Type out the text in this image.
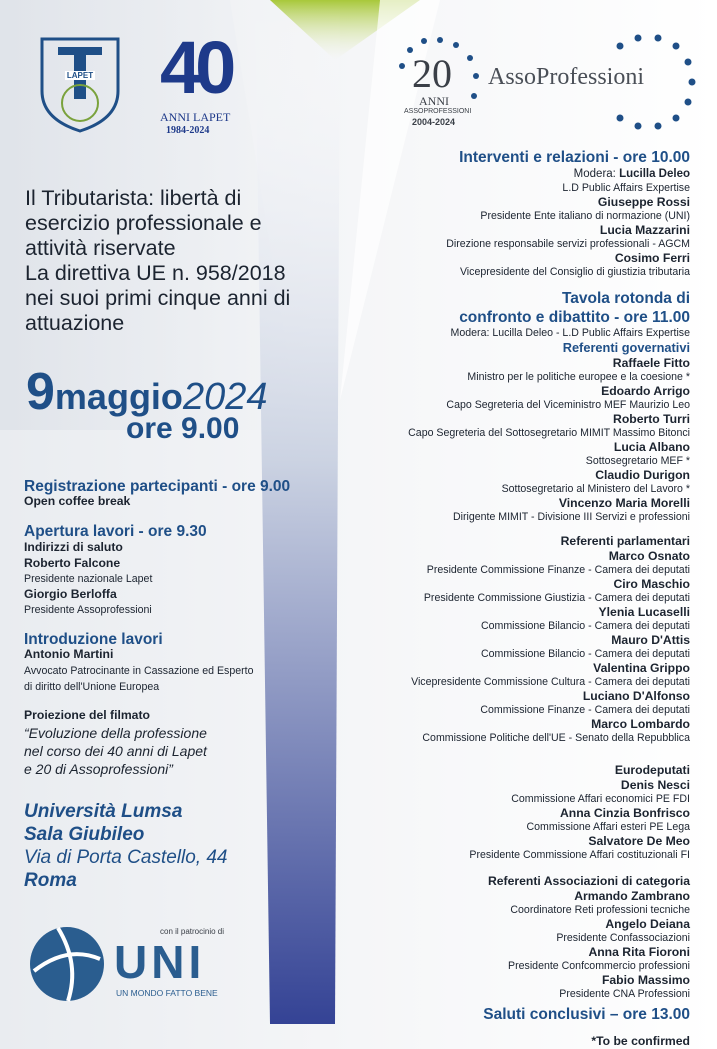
LAPET 40
ANNI LAPET
1984-2024
20
ANNI
ASSOPROFESSIONI
2004-2024
AssoProfessioni
Il Tributarista: libertà di
esercizio professionale e
attività riservate
La direttiva UE n. 958/2018
nei suoi primi cinque anni di
attuazione
9maggio2024
ore 9.00
Registrazione partecipanti - ore 9.00
Open coffee break
Apertura lavori - ore 9.30
Indirizzi di saluto
Roberto Falcone
Presidente nazionale Lapet
Giorgio Berloffa
Presidente Assoprofessioni
Introduzione lavori
Antonio Martini
Avvocato Patrocinante in Cassazione ed Esperto
di diritto dell'Unione Europea
Proiezione del filmato
“Evoluzione della professione
nel corso dei 40 anni di Lapet
e 20 di Assoprofessioni”
Università Lumsa
Sala Giubileo
Via di Porta Castello, 44
Roma
con il patrocinio di
UNI
UN MONDO FATTO BENE
Interventi e relazioni - ore 10.00
Modera: Lucilla Deleo
L.D Public Affairs Expertise
Giuseppe Rossi
Presidente Ente italiano di normazione (UNI)
Lucia Mazzarini
Direzione responsabile servizi professionali - AGCM
Cosimo Ferri
Vicepresidente del Consiglio di giustizia tributaria
Tavola rotonda di
confronto e dibattito - ore 11.00
Modera: Lucilla Deleo - L.D Public Affairs Expertise
Referenti governativi
Raffaele Fitto
Ministro per le politiche europee e la coesione *
Edoardo Arrigo
Capo Segreteria del Viceministro MEF Maurizio Leo
Roberto Turri
Capo Segreteria del Sottosegretario MIMIT Massimo Bitonci
Lucia Albano
Sottosegretario MEF *
Claudio Durigon
Sottosegretario al Ministero del Lavoro *
Vincenzo Maria Morelli
Dirigente MIMIT - Divisione III Servizi e professioni
Referenti parlamentari
Marco Osnato
Presidente Commissione Finanze - Camera dei deputati
Ciro Maschio
Presidente Commissione Giustizia - Camera dei deputati
Ylenia Lucaselli
Commissione Bilancio - Camera dei deputati
Mauro D'Attis
Commissione Bilancio - Camera dei deputati
Valentina Grippo
Vicepresidente Commissione Cultura - Camera dei deputati
Luciano D'Alfonso
Commissione Finanze - Camera dei deputati
Marco Lombardo
Commissione Politiche dell'UE - Senato della Repubblica
Eurodeputati
Denis Nesci
Commissione Affari economici PE FDI
Anna Cinzia Bonfrisco
Commissione Affari esteri PE Lega
Salvatore De Meo
Presidente Commissione Affari costituzionali FI
Referenti Associazioni di categoria
Armando Zambrano
Coordinatore Reti professioni tecniche
Angelo Deiana
Presidente Confassociazioni
Anna Rita Fioroni
Presidente Confcommercio professioni
Fabio Massimo
Presidente CNA Professioni
Saluti conclusivi – ore 13.00
*To be confirmed
